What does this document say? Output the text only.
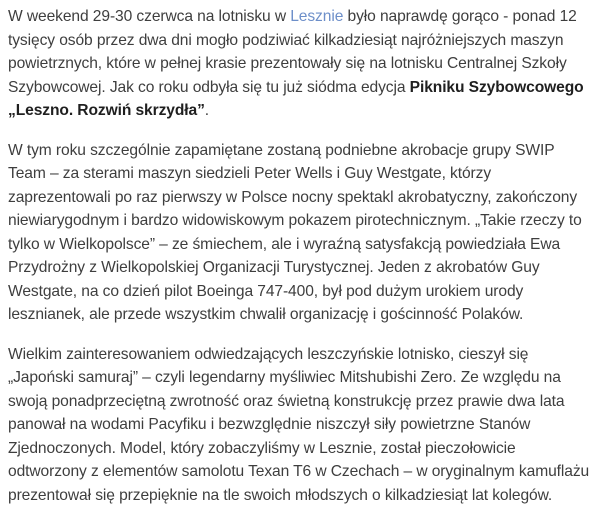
W weekend 29-30 czerwca na lotnisku w Lesznie było naprawdę gorąco - ponad 12 tysięcy osób przez dwa dni mogło podziwiać kilkadziesiąt najróżniejszych maszyn powietrznych, które w pełnej krasie prezentowały się na lotnisku Centralnej Szkoły Szybowcowej. Jak co roku odbyła się tu już siódma edycja Pikniku Szybowcowego „Leszno. Rozwiń skrzydła”.

W tym roku szczególnie zapamiętane zostaną podniebne akrobacje grupy SWIP Team – za sterami maszyn siedzieli Peter Wells i Guy Westgate, którzy zaprezentowali po raz pierwszy w Polsce nocny spektakl akrobatyczny, zakończony niewiarygodnym i bardzo widowiskowym pokazem pirotechnicznym. „Takie rzeczy to tylko w Wielkopolsce” – ze śmiechem, ale i wyraźną satysfakcją powiedziała Ewa Przydrożny z Wielkopolskiej Organizacji Turystycznej. Jeden z akrobatów Guy Westgate, na co dzień pilot Boeinga 747-400, był pod dużym urokiem urody lesznianek, ale przede wszystkim chwalił organizację i gościnność Polaków.

Wielkim zainteresowaniem odwiedzających leszczyńskie lotnisko, cieszył się „Japoński samuraj” – czyli legendarny myśliwiec Mitshubishi Zero. Ze względu na swoją ponadprzeciętną zwrotność oraz świetną konstrukcję przez prawie dwa lata panował na wodami Pacyfiku i bezwzględnie niszczył siły powietrzne Stanów Zjednoczonych. Model, który zobaczyliśmy w Lesznie, został pieczołowicie odtworzony z elementów samolotu Texan T6 w Czechach – w oryginalnym kamuflażu prezentował się przepięknie na tle swoich młodszych o kilkadziesiąt lat kolegów.
